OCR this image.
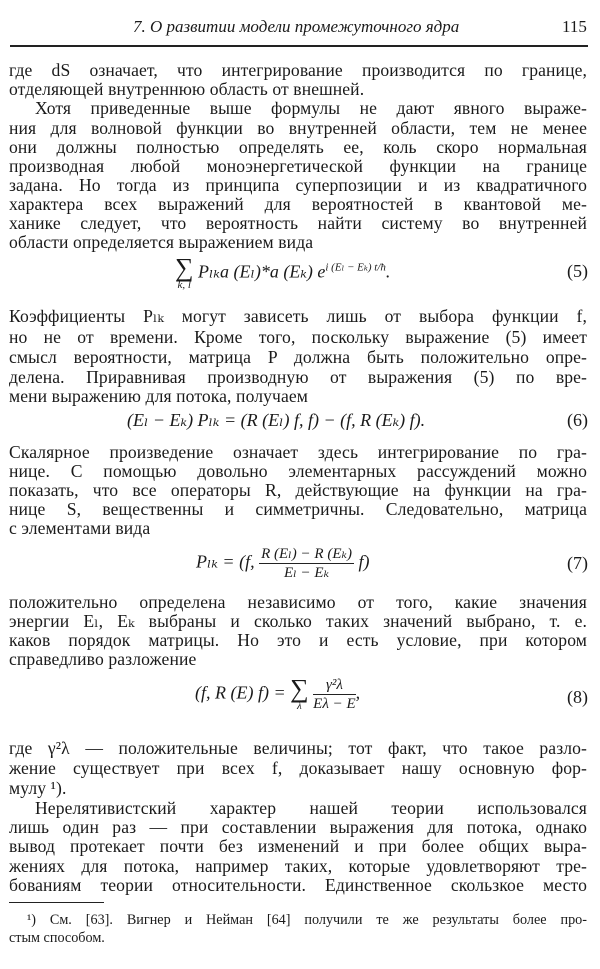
7. О развитии модели промежуточного ядра	115
где dS означает, что интегрирование производится по границе,
отделяющей внутреннюю область от внешней.
Хотя приведенные выше формулы не дают явного выраже-
ния для волновой функции во внутренней области, тем не менее
они должны полностью определять ее, коль скоро нормальная
производная любой моноэнергетической функции на границе
задана. Но тогда из принципа суперпозиции и из квадратичного
характера всех выражений для вероятностей в квантовой ме-
ханике следует, что вероятность найти систему во внутренней
области определяется выражением вида
∑
k, l
Pₗₖa (Eₗ)*a (Eₖ) $e^{i (E_l - E_k) t/ħ}$.	(5)
Коэффициенты Pₗₖ могут зависеть лишь от выбора функции f,
но не от времени. Кроме того, поскольку выражение (5) имеет
смысл вероятности, матрица P должна быть положительно опре-
делена. Приравнивая производную от выражения (5) по вре-
мени выражению для потока, получаем
(Eₗ − Eₖ) Pₗₖ = (R (Eₗ) f, f) − (f, R (Eₖ) f).	(6)
Скалярное произведение означает здесь интегрирование по гра-
нице. С помощью довольно элементарных рассуждений можно
показать, что все операторы R, действующие на функции на гра-
нице S, вещественны и симметричны. Следовательно, матрица
с элементами вида
Pₗₖ = (f, $\frac{\text{R (Eₗ) − R (Eₖ)}}{\text{Eₗ − Eₖ}} f$)	(7)
положительно определена независимо от того, какие значения
энергии Eₗ, Eₖ выбраны и сколько таких значений выбрано, т. е.
каков порядок матрицы. Но это и есть условие, при котором
справедливо разложение
(f, R (E) f) = ∑
λ
$\frac{\text{γ²λ}}{E\lambda - E}$ ,	(8)
где γ²λ — положительные величины; тот факт, что такое разло-
жение существует при всех f, доказывает нашу основную фор-
мулу ¹).
Нерелятивистский характер нашей теории использовался
лишь один раз — при составлении выражения для потока, однако
вывод протекает почти без изменений и при более общих выра-
жениях для потока, например таких, которые удовлетворяют тре-
бованиям теории относительности. Единственное скользкое место
¹) См. [63]. Вигнер и Нейман [64] получили те же результаты более про-
стым способом.
